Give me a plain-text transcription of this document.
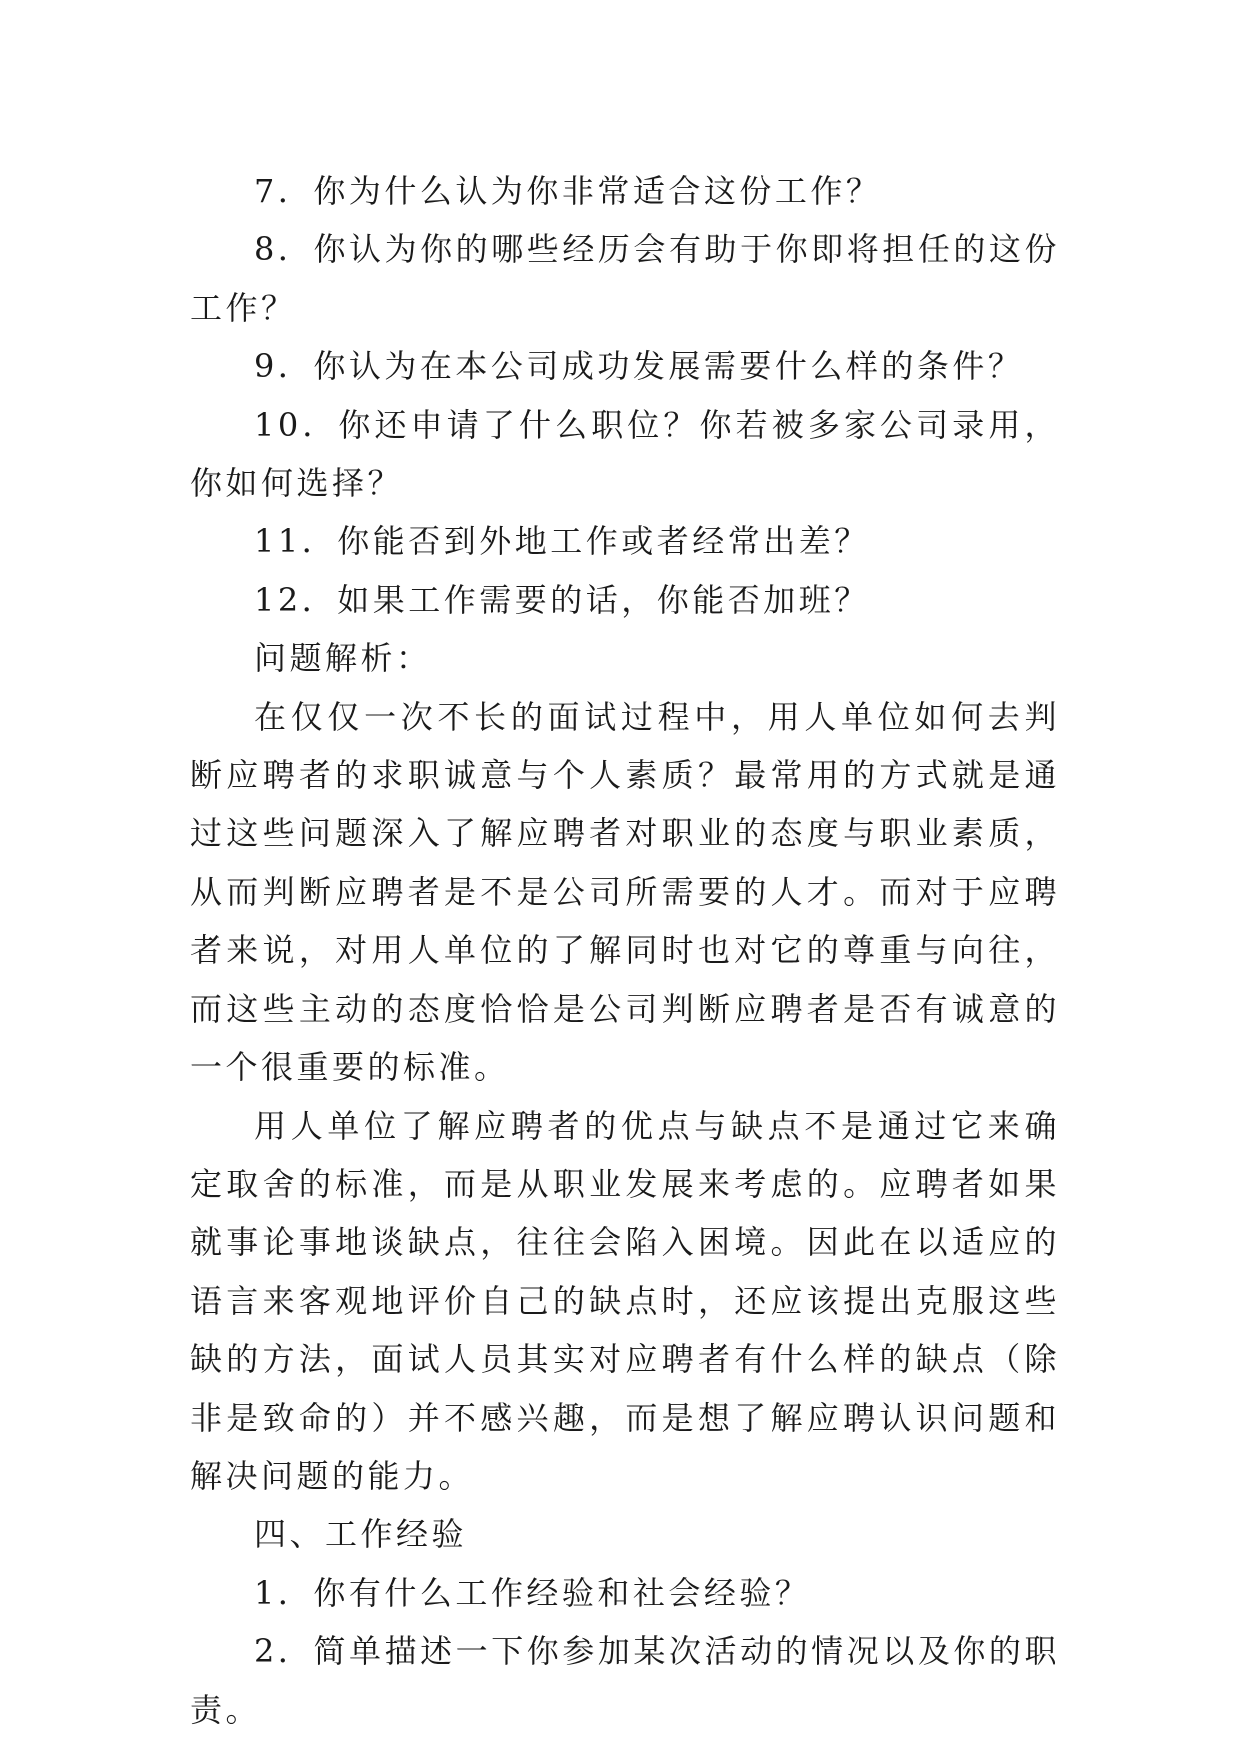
7．你为什么认为你非常适合这份工作？

8．你认为你的哪些经历会有助于你即将担任的这份工作？

9．你认为在本公司成功发展需要什么样的条件？

10．你还申请了什么职位？你若被多家公司录用，你如何选择？

11．你能否到外地工作或者经常出差？

12．如果工作需要的话，你能否加班？

问题解析：

在仅仅一次不长的面试过程中，用人单位如何去判断应聘者的求职诚意与个人素质？最常用的方式就是通过这些问题深入了解应聘者对职业的态度与职业素质，从而判断应聘者是不是公司所需要的人才。而对于应聘者来说，对用人单位的了解同时也对它的尊重与向往，而这些主动的态度恰恰是公司判断应聘者是否有诚意的一个很重要的标准。

用人单位了解应聘者的优点与缺点不是通过它来确定取舍的标准，而是从职业发展来考虑的。应聘者如果就事论事地谈缺点，往往会陷入困境。因此在以适应的语言来客观地评价自己的缺点时，还应该提出克服这些缺的方法，面试人员其实对应聘者有什么样的缺点（除非是致命的）并不感兴趣，而是想了解应聘认识问题和解决问题的能力。

四、工作经验

1．你有什么工作经验和社会经验？

2．简单描述一下你参加某次活动的情况以及你的职责。
